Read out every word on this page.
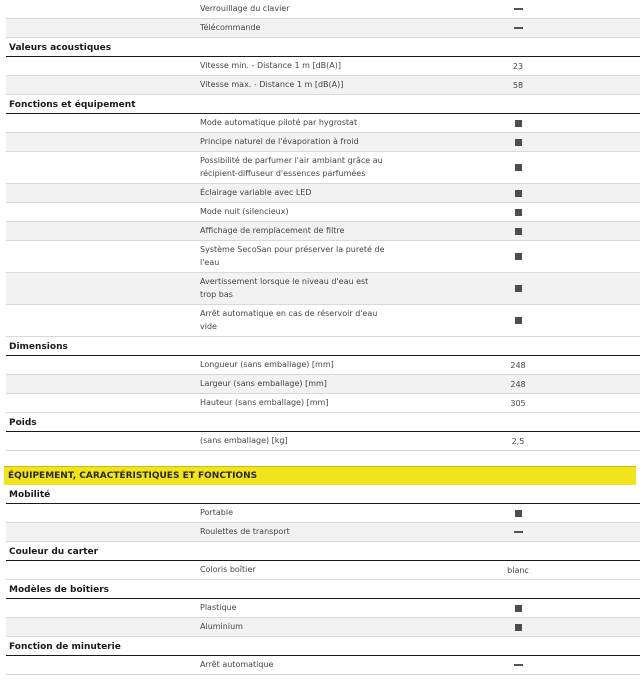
Verrouillage du clavier
Télécommande
Valeurs acoustiques
Vitesse min. - Distance 1 m [dB(A)]	23
Vitesse max. - Distance 1 m [dB(A)]	58
Fonctions et équipement
Mode automatique piloté par hygrostat
Principe naturel de l'évaporation à froid
Possibilité de parfumer l'air ambiant grâce au récipient-diffuseur d'essences parfumées
Éclairage variable avec LED
Mode nuit (silencieux)
Affichage de remplacement de filtre
Système SecoSan pour préserver la pureté de l'eau
Avertissement lorsque le niveau d'eau est trop bas
Arrêt automatique en cas de réservoir d'eau vide
Dimensions
Longueur (sans emballage) [mm]	248
Largeur (sans emballage) [mm]	248
Hauteur (sans emballage) [mm]	305
Poids
(sans emballage) [kg]	2,5
ÉQUIPEMENT, CARACTÉRISTIQUES ET FONCTIONS
Mobilité
Portable
Roulettes de transport
Couleur du carter
Coloris boîtier	blanc
Modèles de boîtiers
Plastique
Aluminium
Fonction de minuterie
Arrêt automatique
